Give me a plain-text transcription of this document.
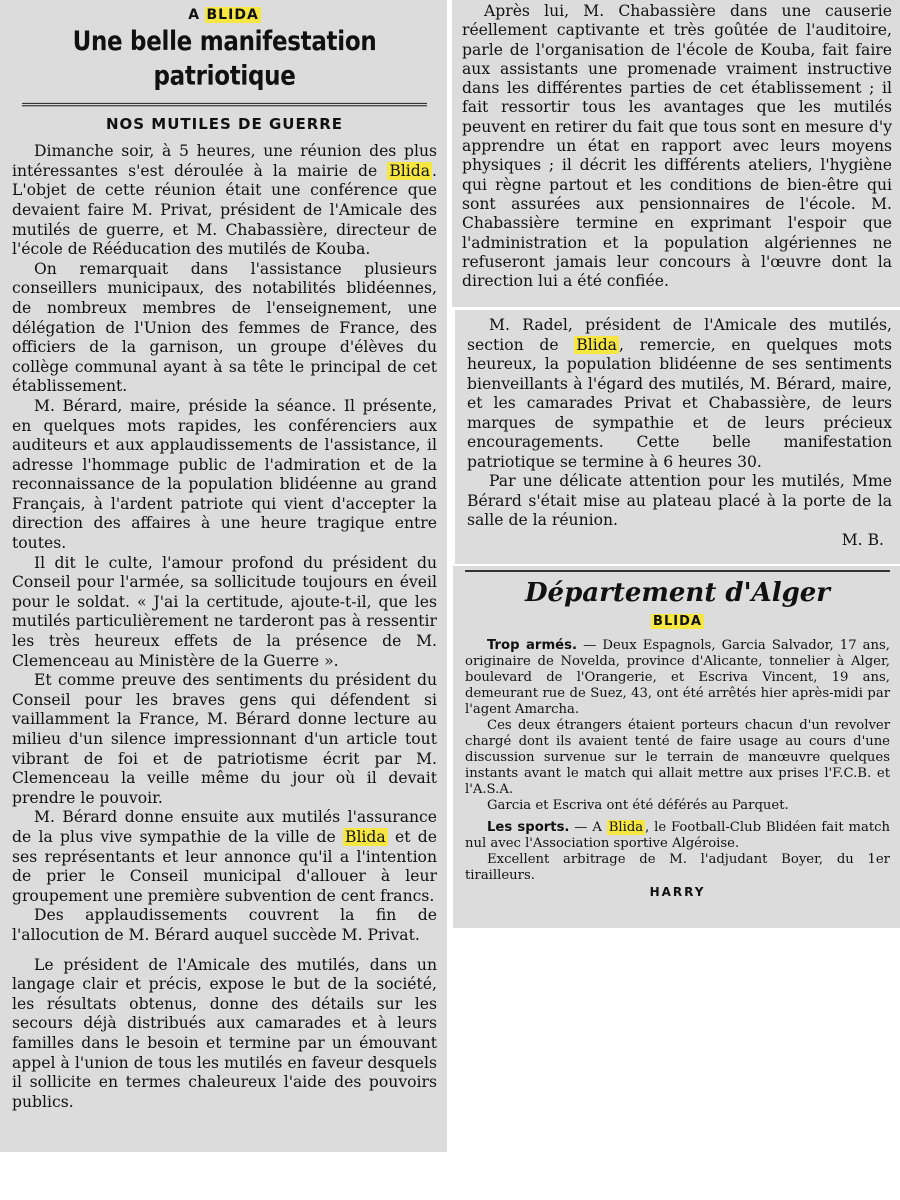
A BLIDA

Une belle manifestation patriotique

NOS MUTILES DE GUERRE

Dimanche soir, à 5 heures, une réunion des plus intéressantes s'est déroulée à la mairie de Blida . L'objet de cette réunion était une conférence que devaient faire M. Privat, président de l'Amicale des mutilés de guerre, et M. Chabassière, directeur de l'école de Rééducation des mutilés de Kouba.

On remarquait dans l'assistance plusieurs conseillers municipaux, des notabilités blidéennes, de nombreux membres de l'enseignement, une délégation de l'Union des femmes de France, des officiers de la garnison, un groupe d'élèves du collège communal ayant à sa tête le principal de cet établissement.

M. Bérard, maire, préside la séance. Il présente, en quelques mots rapides, les conférenciers aux auditeurs et aux applaudissements de l'assistance, il adresse l'hommage public de l'admiration et de la reconnaissance de la population blidéenne au grand Français, à l'ardent patriote qui vient d'accepter la direction des affaires à une heure tragique entre toutes.

Il dit le culte, l'amour profond du président du Conseil pour l'armée, sa sollicitude toujours en éveil pour le soldat. « J'ai la certitude, ajoute-t-il, que les mutilés particulièrement ne tarderont pas à ressentir les très heureux effets de la présence de M. Clemenceau au Ministère de la Guerre ».

Et comme preuve des sentiments du président du Conseil pour les braves gens qui défendent si vaillamment la France, M. Bérard donne lecture au milieu d'un silence impressionnant d'un article tout vibrant de foi et de patriotisme écrit par M. Clemenceau la veille même du jour où il devait prendre le pouvoir.

M. Bérard donne ensuite aux mutilés l'assurance de la plus vive sympathie de la ville de Blida et de ses représentants et leur annonce qu'il a l'intention de prier le Conseil municipal d'allouer à leur groupement une première subvention de cent francs.

Des applaudissements couvrent la fin de l'allocution de M. Bérard auquel succède M. Privat.

Le président de l'Amicale des mutilés, dans un langage clair et précis, expose le but de la société, les résultats obtenus, donne des détails sur les secours déjà distribués aux camarades et à leurs familles dans le besoin et termine par un émouvant appel à l'union de tous les mutilés en faveur desquels il sollicite en termes chaleureux l'aide des pouvoirs publics.

Après lui, M. Chabassière dans une causerie réellement captivante et très goûtée de l'auditoire, parle de l'organisation de l'école de Kouba, fait faire aux assistants une promenade vraiment instructive dans les différentes parties de cet établissement ; il fait ressortir tous les avantages que les mutilés peuvent en retirer du fait que tous sont en mesure d'y apprendre un état en rapport avec leurs moyens physiques ; il décrit les différents ateliers, l'hygiène qui règne partout et les conditions de bien-être qui sont assurées aux pensionnaires de l'école. M. Chabassière termine en exprimant l'espoir que l'administration et la population algériennes ne refuseront jamais leur concours à l'œuvre dont la direction lui a été confiée.

M. Radel, président de l'Amicale des mutilés, section de Blida , remercie, en quelques mots heureux, la population blidéenne de ses sentiments bienveillants à l'égard des mutilés, M. Bérard, maire, et les camarades Privat et Chabassière, de leurs marques de sympathie et de leurs précieux encouragements. Cette belle manifestation patriotique se termine à 6 heures 30.

Par une délicate attention pour les mutilés, Mme Bérard s'était mise au plateau placé à la porte de la salle de la réunion.

M. B.

Département d'Alger

BLIDA

Trop armés. — Deux Espagnols, Garcia Salvador, 17 ans, originaire de Novelda, province d'Alicante, tonnelier à Alger, boulevard de l'Orangerie, et Escriva Vincent, 19 ans, demeurant rue de Suez, 43, ont été arrêtés hier après-midi par l'agent Amarcha.

Ces deux étrangers étaient porteurs chacun d'un revolver chargé dont ils avaient tenté de faire usage au cours d'une discussion survenue sur le terrain de manœuvre quelques instants avant le match qui allait mettre aux prises l'F.C.B. et l'A.S.A.

Garcia et Escriva ont été déférés au Parquet.

Les sports. — A Blida , le Football-Club Blidéen fait match nul avec l'Association sportive Algéroise.

Excellent arbitrage de M. l'adjudant Boyer, du 1er tirailleurs.

HARRY
